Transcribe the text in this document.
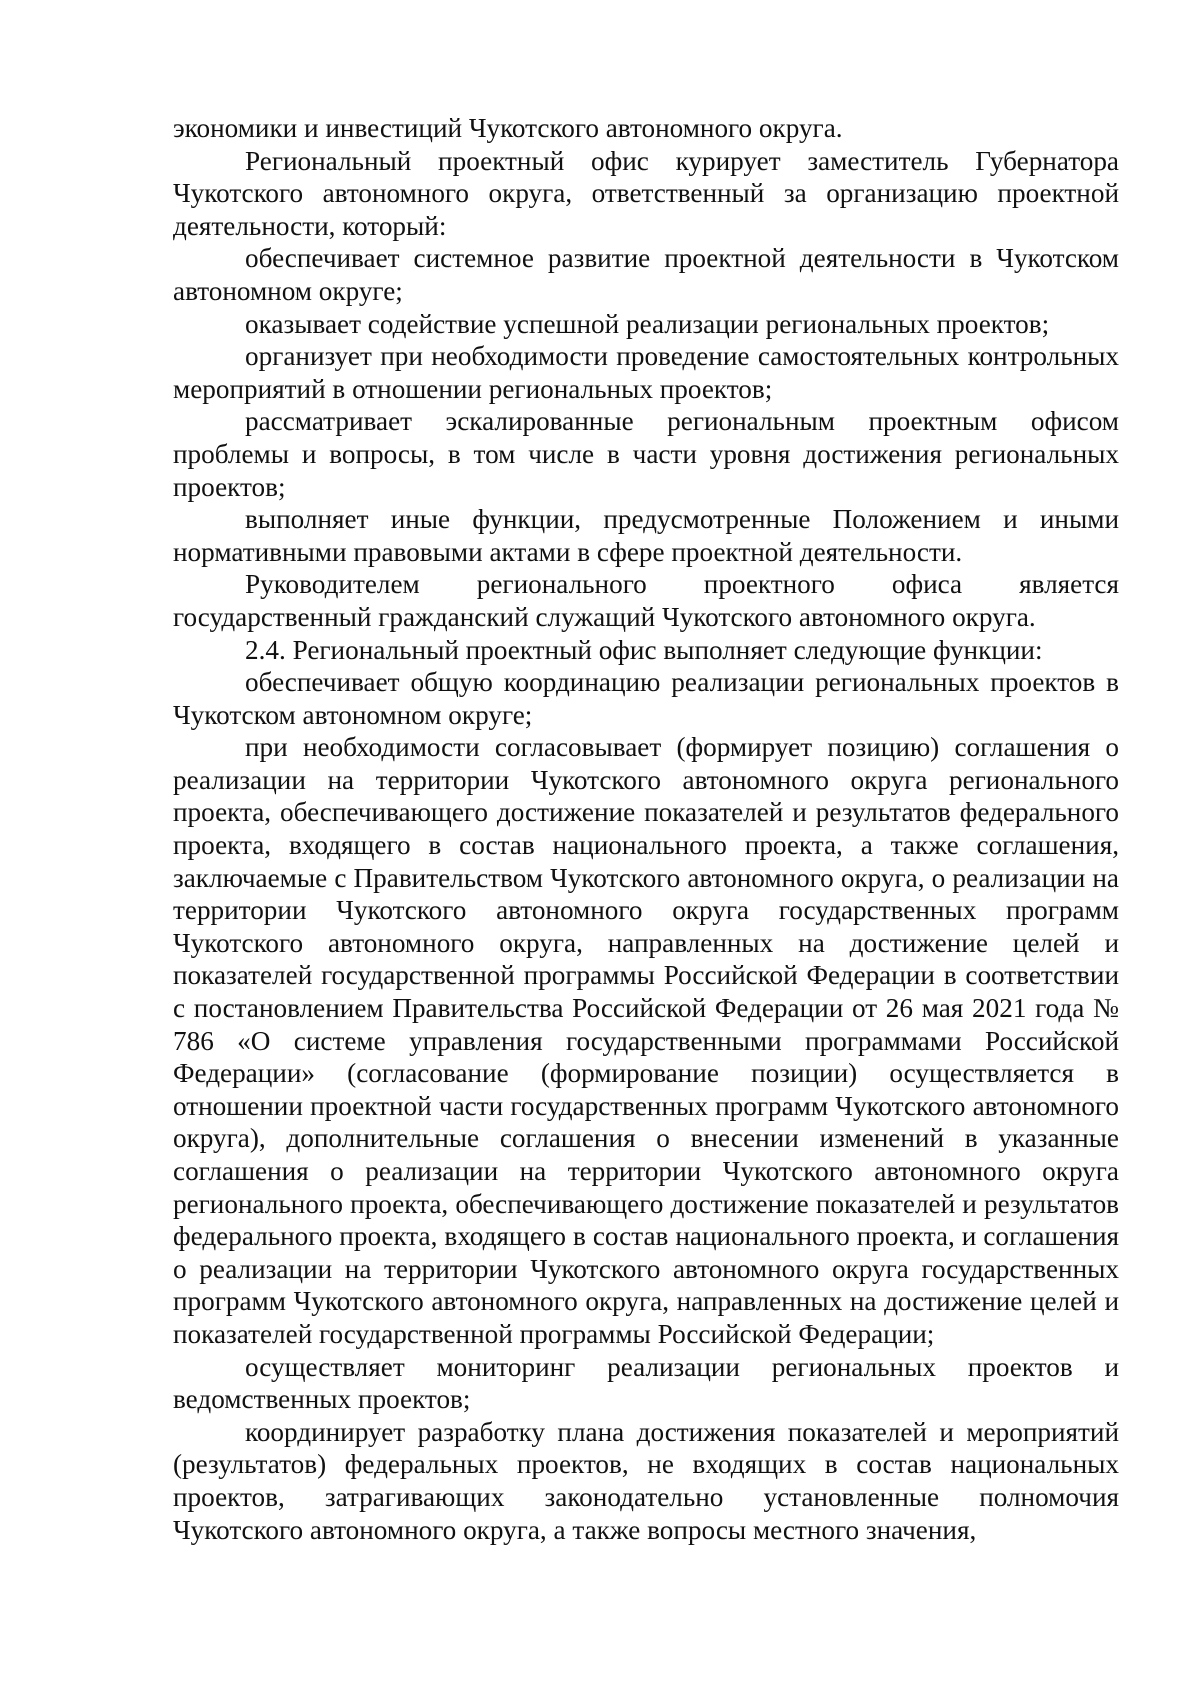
экономики и инвестиций Чукотского автономного округа.

Региональный проектный офис курирует заместитель Губернатора Чукотского автономного округа, ответственный за организацию проектной деятельности, который:

обеспечивает системное развитие проектной деятельности в Чукотском автономном округе;

оказывает содействие успешной реализации региональных проектов;

организует при необходимости проведение самостоятельных контрольных мероприятий в отношении региональных проектов;

рассматривает эскалированные региональным проектным офисом проблемы и вопросы, в том числе в части уровня достижения региональных проектов;

выполняет иные функции, предусмотренные Положением и иными нормативными правовыми актами в сфере проектной деятельности.

Руководителем регионального проектного офиса является государственный гражданский служащий Чукотского автономного округа.

2.4. Региональный проектный офис выполняет следующие функции:

обеспечивает общую координацию реализации региональных проектов в Чукотском автономном округе;

при необходимости согласовывает (формирует позицию) соглашения о реализации на территории Чукотского автономного округа регионального проекта, обеспечивающего достижение показателей и результатов федерального проекта, входящего в состав национального проекта, а также соглашения, заключаемые с Правительством Чукотского автономного округа, о реализации на территории Чукотского автономного округа государственных программ Чукотского автономного округа, направленных на достижение целей и показателей государственной программы Российской Федерации в соответствии с постановлением Правительства Российской Федерации от 26 мая 2021 года № 786 «О системе управления государственными программами Российской Федерации» (согласование (формирование позиции) осуществляется в отношении проектной части государственных программ Чукотского автономного округа), дополнительные соглашения о внесении изменений в указанные соглашения о реализации на территории Чукотского автономного округа регионального проекта, обеспечивающего достижение показателей и результатов федерального проекта, входящего в состав национального проекта, и соглашения о реализации на территории Чукотского автономного округа государственных программ Чукотского автономного округа, направленных на достижение целей и показателей государственной программы Российской Федерации;

осуществляет мониторинг реализации региональных проектов и ведомственных проектов;

координирует разработку плана достижения показателей и мероприятий (результатов) федеральных проектов, не входящих в состав национальных проектов, затрагивающих законодательно установленные полномочия Чукотского автономного округа, а также вопросы местного значения,
